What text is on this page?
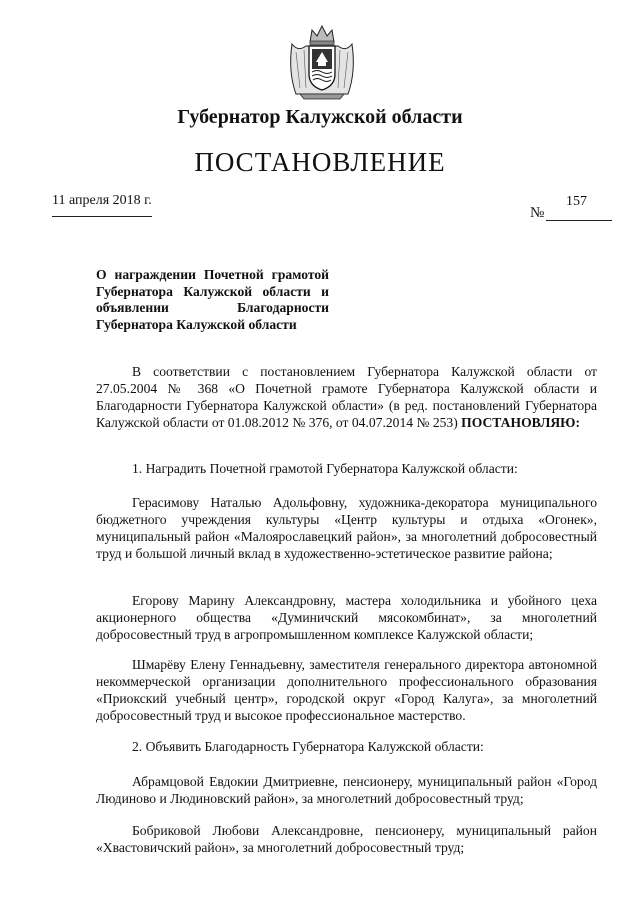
Губернатор Калужской области
ПОСТАНОВЛЕНИЕ
11 апреля 2018 г.	157
№
О награждении Почетной грамотой Губернатора Калужской области и объявлении Благодарности Губернатора Калужской области
В соответствии с постановлением Губернатора Калужской области от 27.05.2004 № 368 «О Почетной грамоте Губернатора Калужской области и Благодарности Губернатора Калужской области» (в ред. постановлений Губернатора Калужской области от 01.08.2012 № 376, от 04.07.2014 № 253) ПОСТАНОВЛЯЮ:
1. Наградить Почетной грамотой Губернатора Калужской области:
Герасимову Наталью Адольфовну, художника-декоратора муниципального бюджетного учреждения культуры «Центр культуры и отдыха «Огонек», муниципальный район «Малоярославецкий район», за многолетний добросовестный труд и большой личный вклад в художественно-эстетическое развитие района;
Егорову Марину Александровну, мастера холодильника и убойного цеха акционерного общества «Думиничский мясокомбинат», за многолетний добросовестный труд в агропромышленном комплексе Калужской области;
Шмарёву Елену Геннадьевну, заместителя генерального директора автономной некоммерческой организации дополнительного профессионального образования «Приокский учебный центр», городской округ «Город Калуга», за многолетний добросовестный труд и высокое профессиональное мастерство.
2. Объявить Благодарность Губернатора Калужской области:
Абрамцовой Евдокии Дмитриевне, пенсионеру, муниципальный район «Город Людиново и Людиновский район», за многолетний добросовестный труд;
Бобриковой Любови Александровне, пенсионеру, муниципальный район «Хвастовичский район», за многолетний добросовестный труд;
